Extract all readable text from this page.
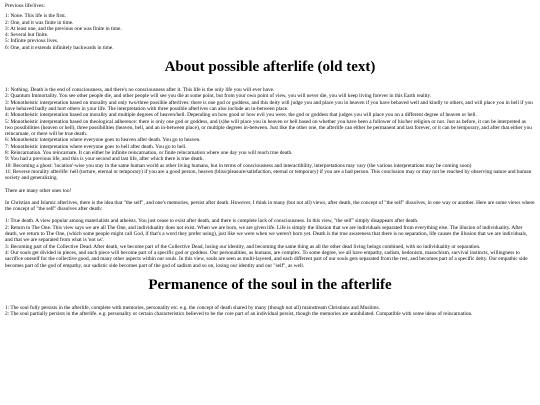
Previous life/lives:

1: None. This life is the first.

2: One, and it was finite in time.

3: At least one, and the previous one was finite in time.

4: Several but finite.

5: Infinite previous lives.

6: One, and it extends infinitely backwards in time.

About possible afterlife (old text)

1: Nothing. Death is the end of consciousness, and there's no consciousness after it. This life is the only life you will ever have.

2: Quantum Immortality. You see other people die, and other people will see you die at some point, but from your own point of view, you will never die, you will keep living forever in this Earth reality.

3: Monotheistic interpretation based on morality and only two/three possible afterlives: there is one god or goddess, and this deity will judge you and place you in heaven if you have behaved well and kindly to others, and will place you in hell if you have behaved badly and hurt others in your life. The interpretation with three possible afterlives can also include an in-between place.

4: Monotheistic interpretation based on morality and multiple degrees of heaven/hell. Depending on how good or how evil you were, the god or goddess that judges you will place you on a different degree of heaven or hell.

5: Monotheistic interpretation based on theological adherence: there is only one god or goddess, and (s)he will place you in heaven or hell based on whether you have been a follower of his/her religion or not. Just as before, it can be interpreted as two possibilities (heaven or hell), three possibilities (heaven, hell, and an in-between place), or multiple degrees in-between. Just like the other one, the afterlife can either be permanent and last forever, or it can be temporary, and after that either you reincarnate, or there will be true death.

6: Monotheistic interpretation where everyone goes to heaven after death. You go to heaven.

7: Monotheistic interpretation where everyone goes to hell after death. You go to hell.

8: Reincarnation. You reincarnate. It can either be infinite reincarnation, or finite reincarnation where one day you will reach true death.

9: You had a previous life, and this is your second and last life, after which there is true death.

10: Becoming a ghost: 'location'-wise you stay in the same human world as other living humans, but in terms of consciousness and interactibility, interpretations may vary (the various interpretations may be coming soon)

11: Reverse morality afterlife: hell (torture, eternal or temporary) if you are a good person, heaven (bliss/pleasure/satisfaction, eternal or temporary) if you are a bad person. This conclusion may or may not be reached by observing nature and human society and generalizing.

There are many other ones too!

In Christian and Islamic afterlives, there is the idea that "the self", and one's memories, persist after death. However, I think in many (but not all) views, after death, the concept of "the self" dissolves, in one way or another. Here are some views where the concept of "the self" dissolves after death:

1: True death. A view popular among materialists and atheists. You just cease to exist after death, and there is complete lack of consciousness. In this view, "the self" simply disappears after death.

2: Return to The One. This view says we are all The One, and individuality does not exist. When we are born, we are given life. Life is simply the illusion that we are individuals separated from everything else. The illusion of individuality. After death, we return to The One, (which some people might call God, if that's a word they prefer using), just like we were when we weren't born yet. Death is the true awareness that there is no separation, life causes the illusion that we are individuals, and that we are separated from what is 'not us'.

3: Becoming part of the Collective Dead. After death, we become part of the Collective Dead, losing our identity, and becoming the same thing as all the other dead living beings combined, with no individuality or separation.

4: Our souls get divided in pieces, and each piece will become part of a specific god or goddess. Our personalities, as humans, are complex. To some degree, we all have empathy, sadism, hedonism, masochism, survival instincts, willingness to sacrifice oneself for the collective good, and many other aspects within our souls. In this view, souls are seen as multi-layered, and each different part of our souls gets separated from the rest, and becomes part of a specific deity. Our empathic side becomes part of the god of empathy, our sadistic side becomes part of the god of sadism and so on, losing our identity and our "self", as well.

Permanence of the soul in the afterlife

1: The soul fully persists in the afterlife, complete with memories, personality etc. e.g. the concept of death shared by many (though not all) mainstream Christians and Muslims.

2: The soul partially persists in the afterlife. e.g. personality or certain characteristics believed to be the core part of an individual persist, though the memories are annihilated. Compatible with some ideas of reincarnation.
